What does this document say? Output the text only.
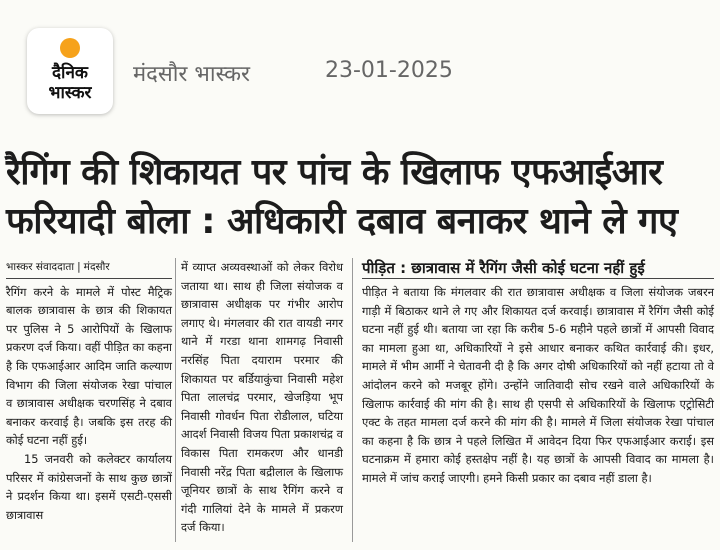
दैनिक
भास्कर
मंदसौर भास्कर	23-01-2025
रैगिंग की शिकायत पर पांच के खिलाफ एफआईआर
फरियादी बोला : अधिकारी दबाव बनाकर थाने ले गए
भास्कर संवाददाता | मंदसौर
रैगिंग करने के मामले में पोस्ट मैट्रिक बालक छात्रावास के छात्र की शिकायत पर पुलिस ने 5 आरोपियों के खिलाफ प्रकरण दर्ज किया। वहीं पीड़ित का कहना है कि एफआईआर आदिम जाति कल्याण विभाग की जिला संयोजक रेखा पांचाल व छात्रावास अधीक्षक चरणसिंह ने दबाव बनाकर करवाई है। जबकि इस तरह की कोई घटना नहीं हुई।
15 जनवरी को कलेक्टर कार्यालय परिसर में कांग्रेसजनों के साथ कुछ छात्रों ने प्रदर्शन किया था। इसमें एसटी-एससी छात्रावास
में व्याप्त अव्यवस्थाओं को लेकर विरोध जताया था। साथ ही जिला संयोजक व छात्रावास अधीक्षक पर गंभीर आरोप लगाए थे। मंगलवार की रात वायडी नगर थाने में गरडा थाना शामगढ़ निवासी नरसिंह पिता दयाराम परमार की शिकायत पर बर्डियाकुंचा निवासी महेश पिता लालचंद्र परमार, खेजड़िया भूप निवासी गोवर्धन पिता रोडीलाल, घटिया आदर्श निवासी विजय पिता प्रकाशचंद्र व विकास पिता रामकरण और धानडी निवासी नरेंद्र पिता बद्रीलाल के खिलाफ जूनियर छात्रों के साथ रैगिंग करने व गंदी गालियां देने के मामले में प्रकरण दर्ज किया।
पीड़ित : छात्रावास में रैगिंग जैसी कोई घटना नहीं हुई
पीड़ित ने बताया कि मंगलवार की रात छात्रावास अधीक्षक व जिला संयोजक जबरन गाड़ी में बिठाकर थाने ले गए और शिकायत दर्ज करवाई। छात्रावास में रैगिंग जैसी कोई घटना नहीं हुई थी। बताया जा रहा कि करीब 5-6 महीने पहले छात्रों में आपसी विवाद का मामला हुआ था, अधिकारियों ने इसे आधार बनाकर कथित कार्रवाई की। इधर, मामले में भीम आर्मी ने चेतावनी दी है कि अगर दोषी अधिकारियों को नहीं हटाया तो वे आंदोलन करने को मजबूर होंगे। उन्होंने जातिवादी सोच रखने वाले अधिकारियों के खिलाफ कार्रवाई की मांग की है। साथ ही एसपी से अधिकारियों के खिलाफ एट्रोसिटी एक्ट के तहत मामला दर्ज करने की मांग की है। मामले में जिला संयोजक रेखा पांचाल का कहना है कि छात्र ने पहले लिखित में आवेदन दिया फिर एफआईआर कराई। इस घटनाक्रम में हमारा कोई हस्तक्षेप नहीं है। यह छात्रों के आपसी विवाद का मामला है। मामले में जांच कराई जाएगी। हमने किसी प्रकार का दबाव नहीं डाला है।
